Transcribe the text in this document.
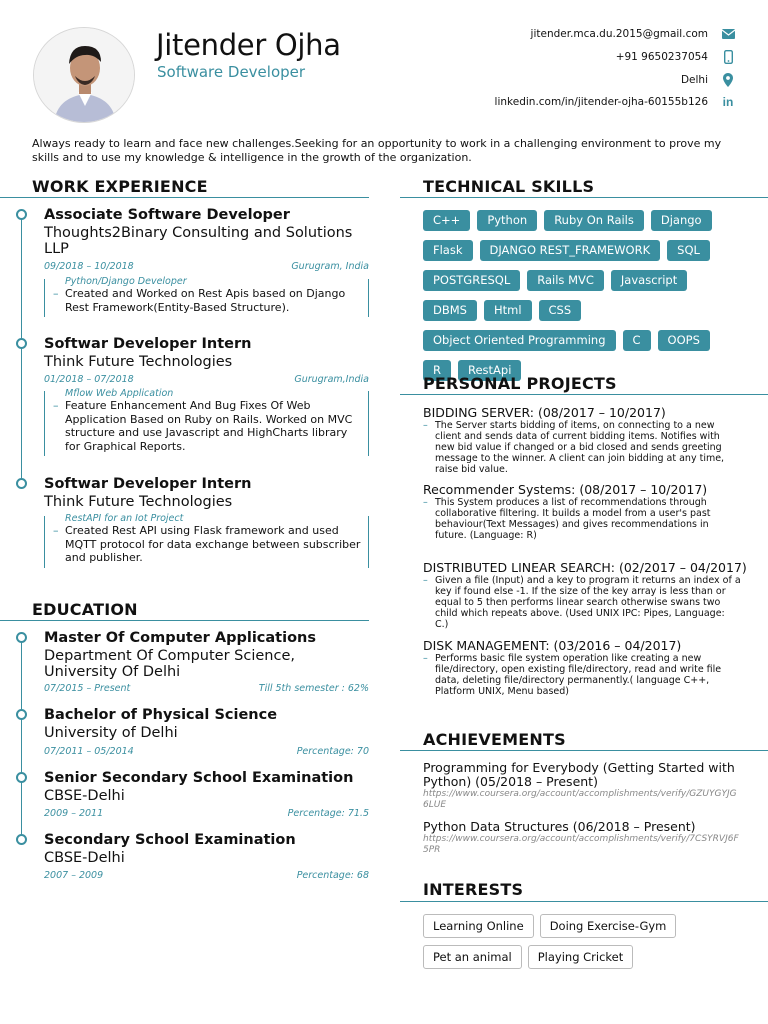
Jitender Ojha
Software Developer
jitender.mca.du.2015@gmail.com
+91 9650237054
Delhi
linkedin.com/in/jitender-ojha-60155b126 in
Always ready to learn and face new challenges.Seeking for an opportunity to work in a challenging environment to prove my skills and to use my knowledge & intelligence in the growth of the organization.
WORK EXPERIENCE
Associate Software Developer
Thoughts2Binary Consulting and Solutions LLP
09/2018 – 10/2018	Gurugram, India
Python/Django Developer
– Created and Worked on Rest Apis based on Django Rest Framework(Entity-Based Structure).
Softwar Developer Intern
Think Future Technologies
01/2018 – 07/2018	Gurugram,India
Mflow Web Application
– Feature Enhancement And Bug Fixes Of Web Application Based on Ruby on Rails. Worked on MVC structure and use Javascript and HighCharts library for Graphical Reports.
Softwar Developer Intern
Think Future Technologies
RestAPI for an Iot Project
– Created Rest API using Flask framework and used MQTT protocol for data exchange between subscriber and publisher.
EDUCATION
Master Of Computer Applications
Department Of Computer Science, University Of Delhi
07/2015 – Present	Till 5th semester : 62%
Bachelor of Physical Science
University of Delhi
07/2011 – 05/2014	Percentage: 70
Senior Secondary School Examination
CBSE-Delhi
2009 – 2011	Percentage: 71.5
Secondary School Examination
CBSE-Delhi
2007 – 2009	Percentage: 68
TECHNICAL SKILLS
C++ Python Ruby On Rails DjangoFlask DJANGO REST_FRAMEWORK SQLPOSTGRESQL Rails MVC JavascriptDBMS Html CSSObject Oriented Programming C OOPSR RestApi
PERSONAL PROJECTS
BIDDING SERVER: (08/2017 – 10/2017)
– The Server starts bidding of items, on connecting to a new client and sends data of current bidding items. Notifies with new bid value if changed or a bid closed and sends greeting message to the winner. A client can join bidding at any time, raise bid value.
Recommender Systems: (08/2017 – 10/2017)
– This System produces a list of recommendations through collaborative filtering. It builds a model from a user's past behaviour(Text Messages) and gives recommendations in future. (Language: R)
DISTRIBUTED LINEAR SEARCH: (02/2017 – 04/2017)
– Given a file (Input) and a key to program it returns an index of a key if found else -1. If the size of the key array is less than or equal to 5 then performs linear search otherwise swans two child which repeats above. (Used UNIX IPC: Pipes, Language: C.)
DISK MANAGEMENT: (03/2016 – 04/2017)
– Performs basic file system operation like creating a new file/directory, open existing file/directory, read and write file data, deleting file/directory permanently.( language C++, Platform UNIX, Menu based)
ACHIEVEMENTS
Programming for Everybody (Getting Started with Python) (05/2018 – Present)
https://www.coursera.org/account/accomplishments/verify/GZUYGYJG6LUE
Python Data Structures (06/2018 – Present)
https://www.coursera.org/account/accomplishments/verify/7CSYRVJ6F5PR
INTERESTS
Learning Online Doing Exercise-GymPet an animal Playing Cricket
